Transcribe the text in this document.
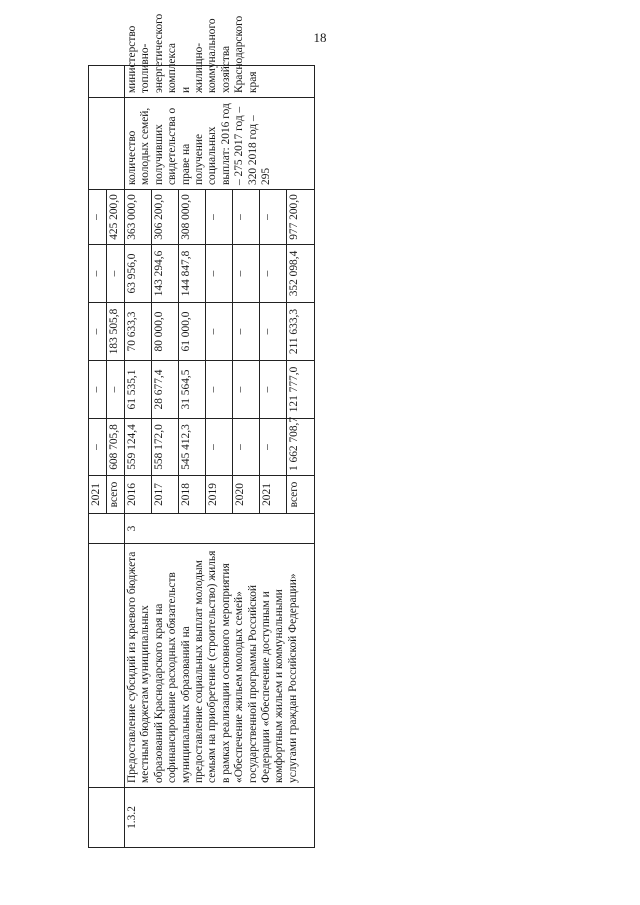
18
			2021	–	–	–	–	–		
			всего	608 705,8	–	183 505,8	–	425 200,0		
1.3.2	Предоставление субсидий из краевого бюджета местным бюджетам муниципальных образований Краснодарского края на софинансирование расходных обязательств муниципальных образований на предоставление социальных выплат молодым семьям на приобретение (строительство) жилья в рамках реализации основного мероприятия «Обеспечение жильем молодых семей» государственной программы Российской Федерации «Обеспечение доступным и комфортным жильем и коммунальными услугами граждан Российской Федерации»	3	2016	559 124,4	61 535,1	70 633,3	63 956,0	363 000,0	количество молодых семей, получивших свидетельства о праве на получение социальных выплат: 2016 год – 275 2017 год – 320 2018 год – 295	министерство топливно-энергетического комплекса и жилищно-коммунального хозяйства Краснодарского края
			2017	558 172,0	28 677,4	80 000,0	143 294,6	306 200,0		
			2018	545 412,3	31 564,5	61 000,0	144 847,8	308 000,0		
			2019	–	–	–	–	–		
			2020	–	–	–	–	–		
			2021	–	–	–	–	–		
			всего	1 662 708,7	121 777,0	211 633,3	352 098,4	977 200,0		
